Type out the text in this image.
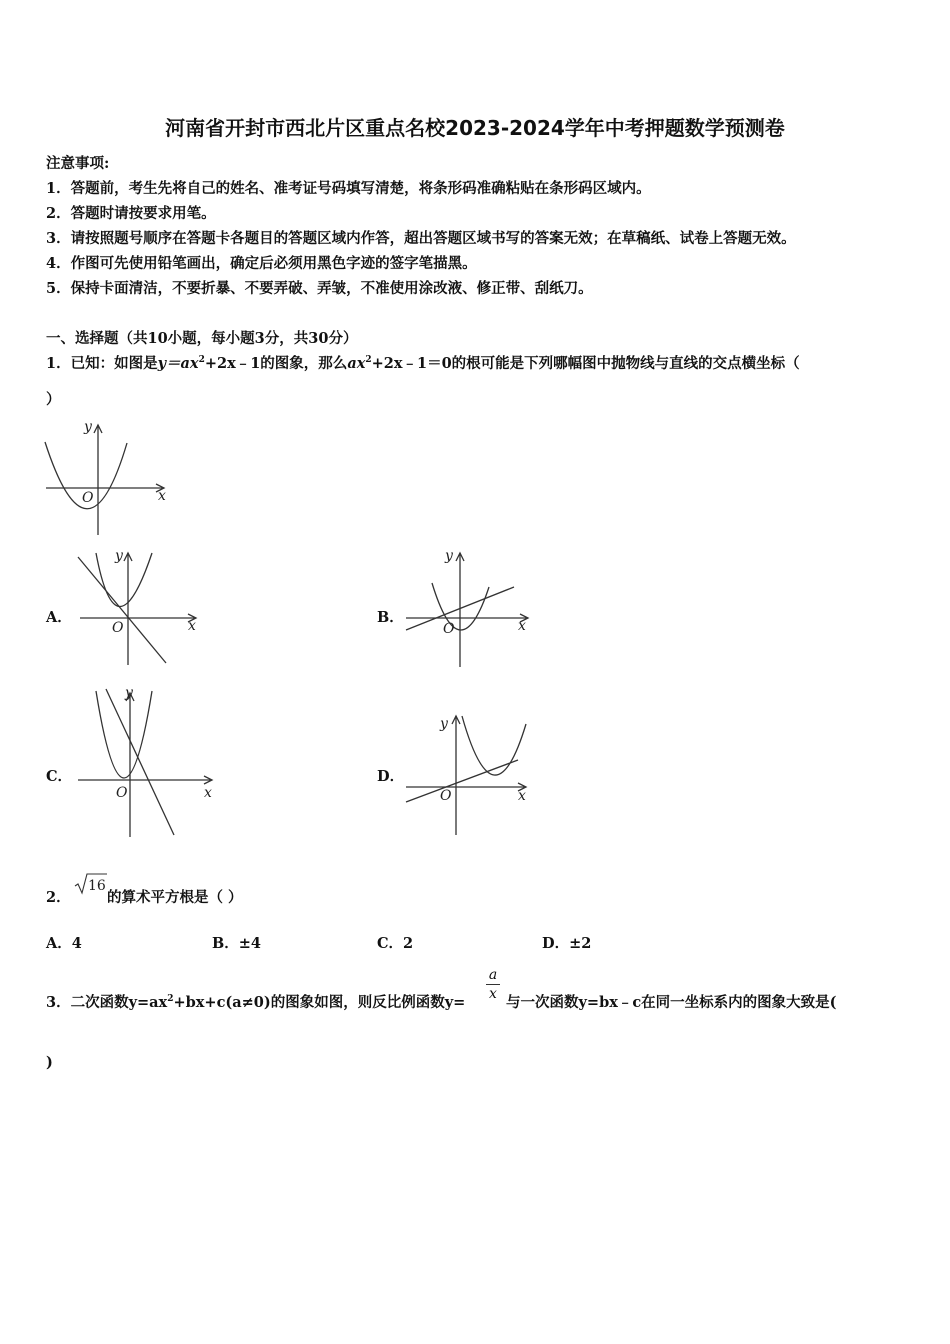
河南省开封市西北片区重点名校2023-2024学年中考押题数学预测卷
注意事项:
1．答题前，考生先将自己的姓名、准考证号码填写清楚，将条形码准确粘贴在条形码区域内。
2．答题时请按要求用笔。
3．请按照题号顺序在答题卡各题目的答题区域内作答，超出答题区域书写的答案无效；在草稿纸、试卷上答题无效。
4．作图可先使用铅笔画出，确定后必须用黑色字迹的签字笔描黑。
5．保持卡面清洁，不要折暴、不要弄破、弄皱，不准使用涂改液、修正带、刮纸刀。
一、选择题（共10小题，每小题3分，共30分）
1．已知：如图是$y=ax^2+2x﹣1$的图象，那么$ax^2+2x﹣1=0$的根可能是下列哪幅图中抛物线与直线的交点横坐标（
）
x
y
O
A．	x
y
O
B．	x
y
O
C．
x
y
O
D．
x
y
O
2．
16
的算术平方根是（ ）
A．4	B．±4	C．2	D．±2
3．二次函数$y=ax^2+bx+c(a\ne 0)$的图象如图，则反比例函数$y= \frac{a}{x}$ 与一次函数y=bx﹣c在同一坐标系内的图象大致是(
)
